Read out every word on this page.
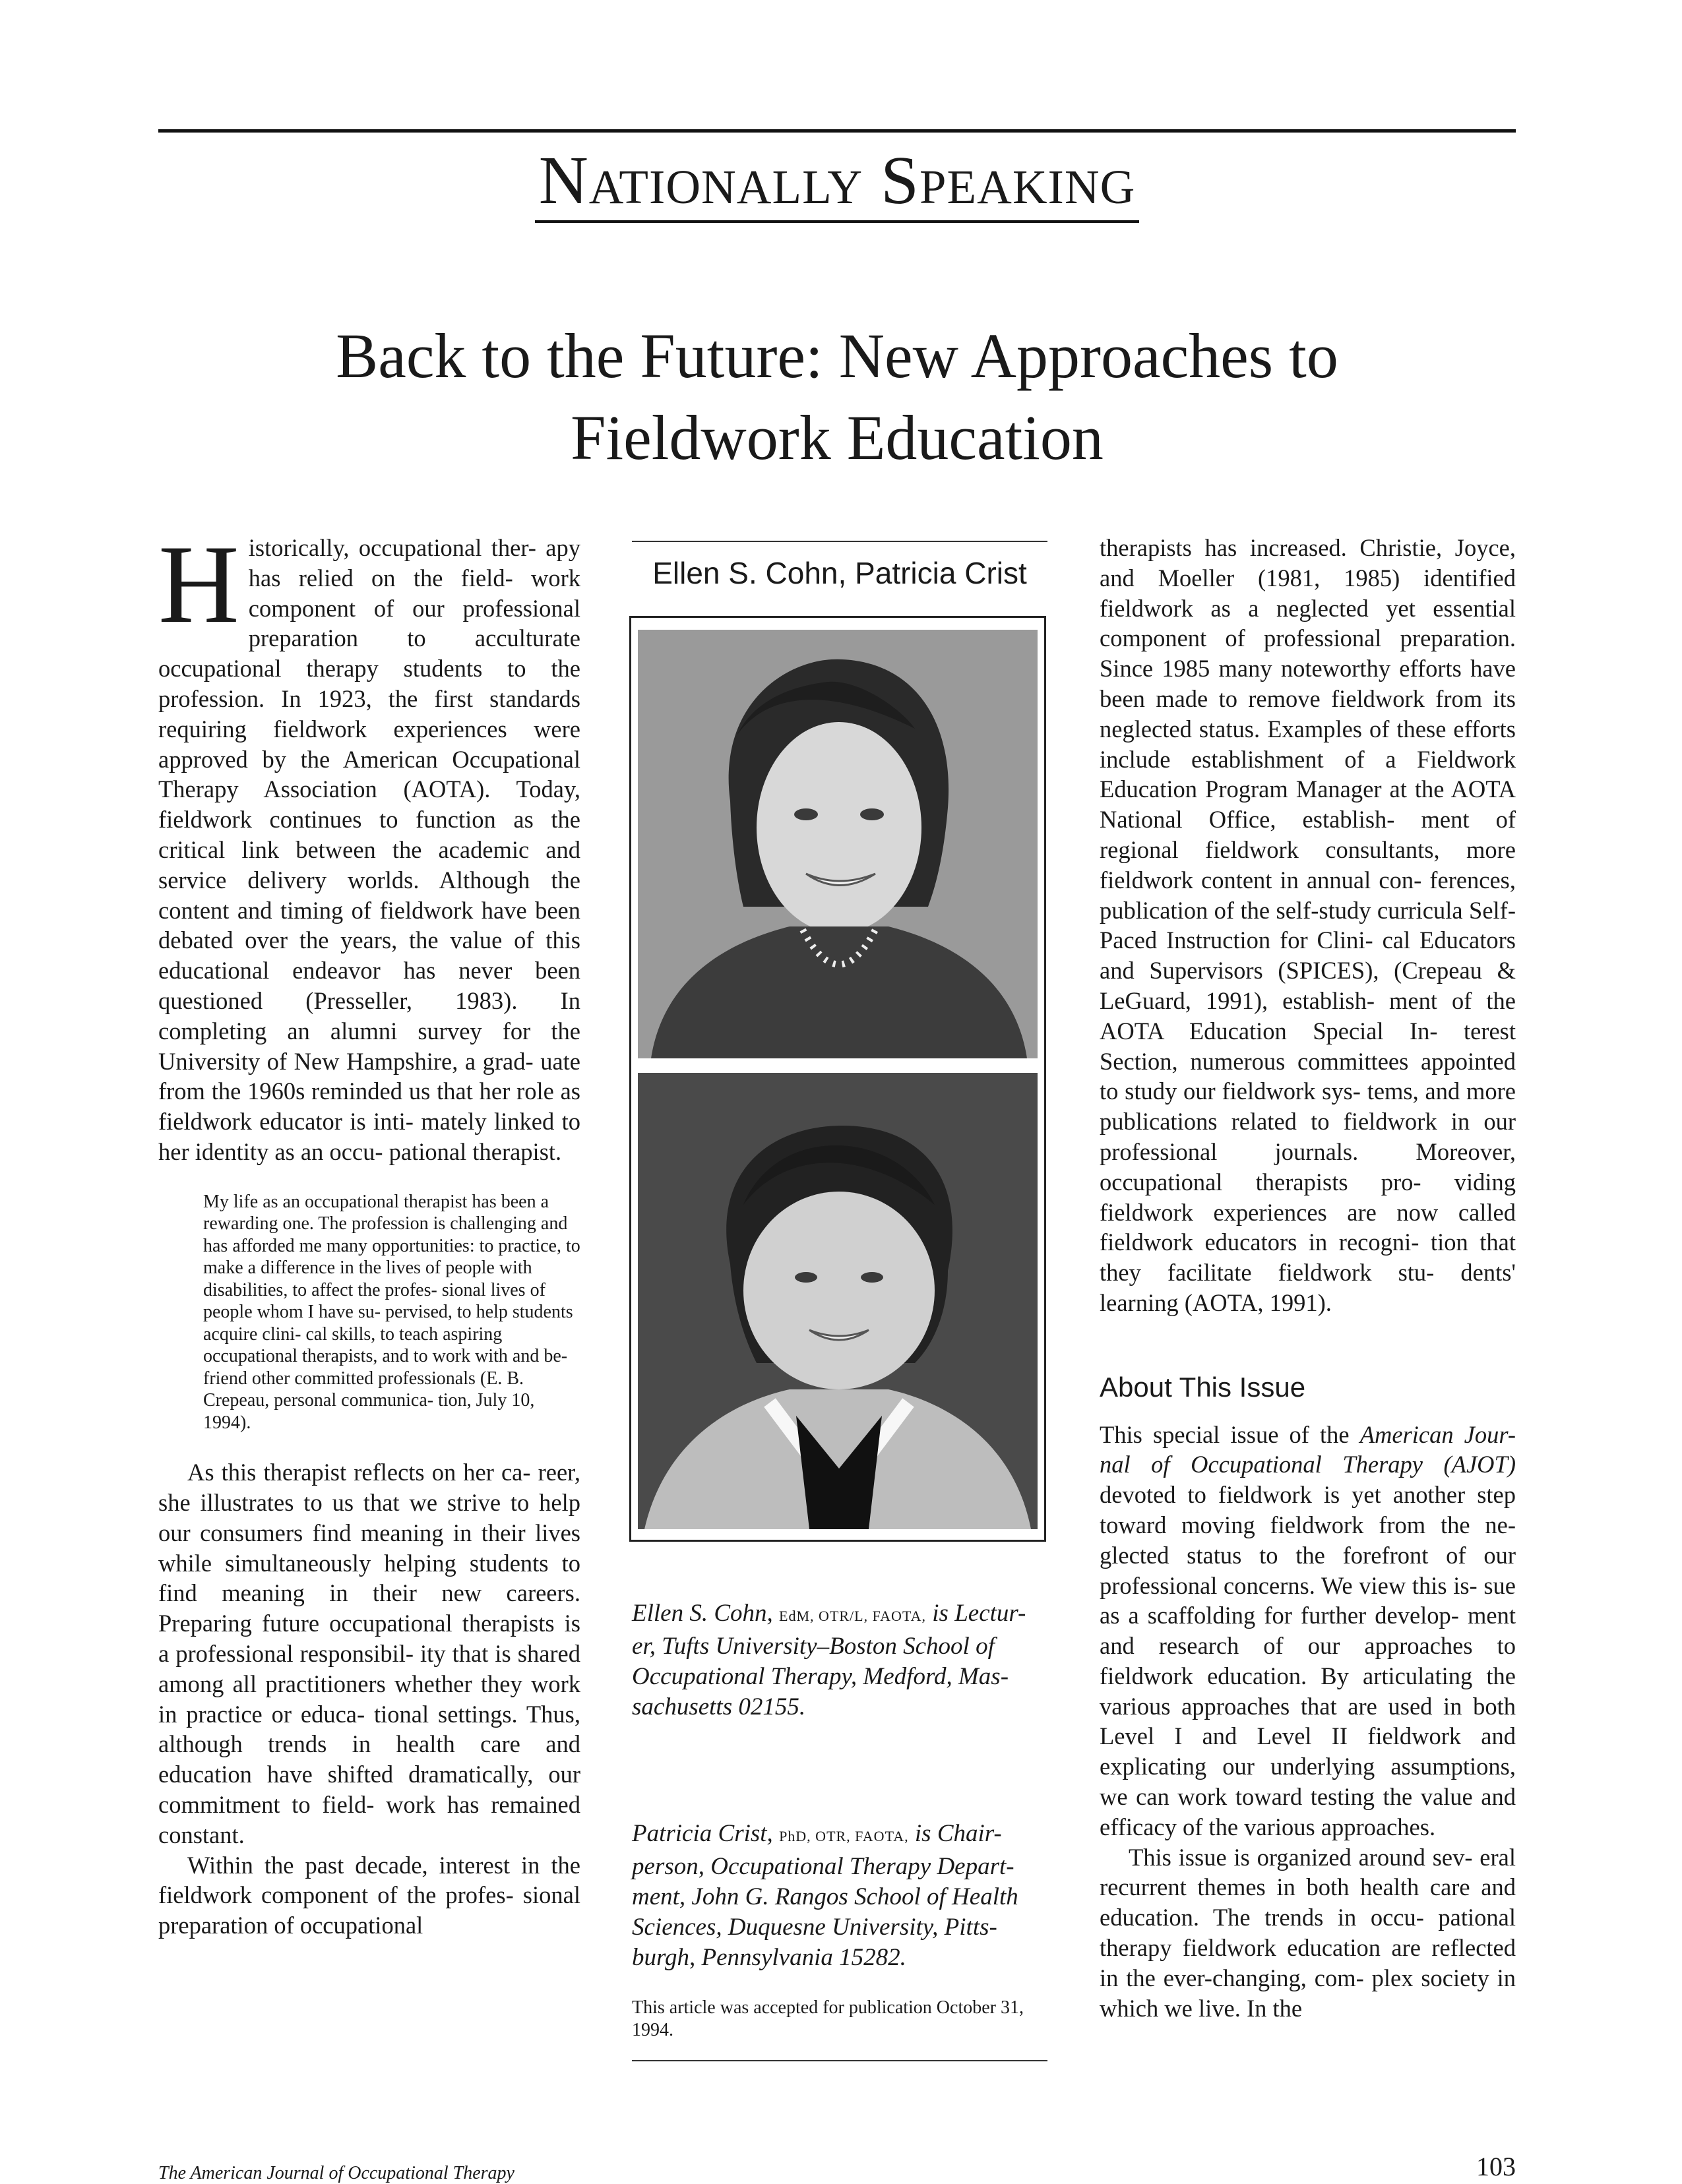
Nationally Speaking
Back to the Future: New Approaches to
Fieldwork Education

Historically, occupational ther- apy has relied on the field- work component of our professional preparation to acculturate occupational therapy students to the profession. In 1923, the first standards requiring fieldwork experiences were approved by the American Occupational Therapy Association (AOTA). Today, fieldwork continues to function as the critical link between the academic and service delivery worlds. Although the content and timing of fieldwork have been debated over the years, the value of this educational endeavor has never been questioned (Presseller, 1983). In completing an alumni survey for the University of New Hampshire, a grad- uate from the 1960s reminded us that her role as fieldwork educator is inti- mately linked to her identity as an occu- pational therapist.

My life as an occupational therapist has been a rewarding one. The profession is challenging and has afforded me many opportunities: to practice, to make a difference in the lives of people with disabilities, to affect the profes- sional lives of people whom I have su- pervised, to help students acquire clini- cal skills, to teach aspiring occupational therapists, and to work with and be- friend other committed professionals (E. B. Crepeau, personal communica- tion, July 10, 1994).

As this therapist reflects on her ca- reer, she illustrates to us that we strive to help our consumers find meaning in their lives while simultaneously helping students to find meaning in their new careers. Preparing future occupational therapists is a professional responsibil- ity that is shared among all practitioners whether they work in practice or educa- tional settings. Thus, although trends in health care and education have shifted dramatically, our commitment to field- work has remained constant.

Within the past decade, interest in the fieldwork component of the profes- sional preparation of occupational

Ellen S. Cohn, Patricia Crist
Ellen S. Cohn, EdM, OTR/L, FAOTA, is Lectur- er, Tufts University–Boston School of Occupational Therapy, Medford, Mas- sachusetts 02155.
Patricia Crist, PhD, OTR, FAOTA, is Chair- person, Occupational Therapy Depart- ment, John G. Rangos School of Health Sciences, Duquesne University, Pitts- burgh, Pennsylvania 15282.
This article was accepted for publication October 31, 1994.

therapists has increased. Christie, Joyce, and Moeller (1981, 1985) identified fieldwork as a neglected yet essential component of professional preparation. Since 1985 many noteworthy efforts have been made to remove fieldwork from its neglected status. Examples of these efforts include establishment of a Fieldwork Education Program Manager at the AOTA National Office, establish- ment of regional fieldwork consultants, more fieldwork content in annual con- ferences, publication of the self-study curricula Self-Paced Instruction for Clini- cal Educators and Supervisors (SPICES), (Crepeau & LeGuard, 1991), establish- ment of the AOTA Education Special In- terest Section, numerous committees appointed to study our fieldwork sys- tems, and more publications related to fieldwork in our professional journals. Moreover, occupational therapists pro- viding fieldwork experiences are now called fieldwork educators in recogni- tion that they facilitate fieldwork stu- dents' learning (AOTA, 1991).

About This Issue

This special issue of the American Jour- nal of Occupational Therapy (AJOT) devoted to fieldwork is yet another step toward moving fieldwork from the ne- glected status to the forefront of our professional concerns. We view this is- sue as a scaffolding for further develop- ment and research of our approaches to fieldwork education. By articulating the various approaches that are used in both Level I and Level II fieldwork and explicating our underlying assumptions, we can work toward testing the value and efficacy of the various approaches.

This issue is organized around sev- eral recurrent themes in both health care and education. The trends in occu- pational therapy fieldwork education are reflected in the ever-changing, com- plex society in which we live. In the

The American Journal of Occupational Therapy	103
